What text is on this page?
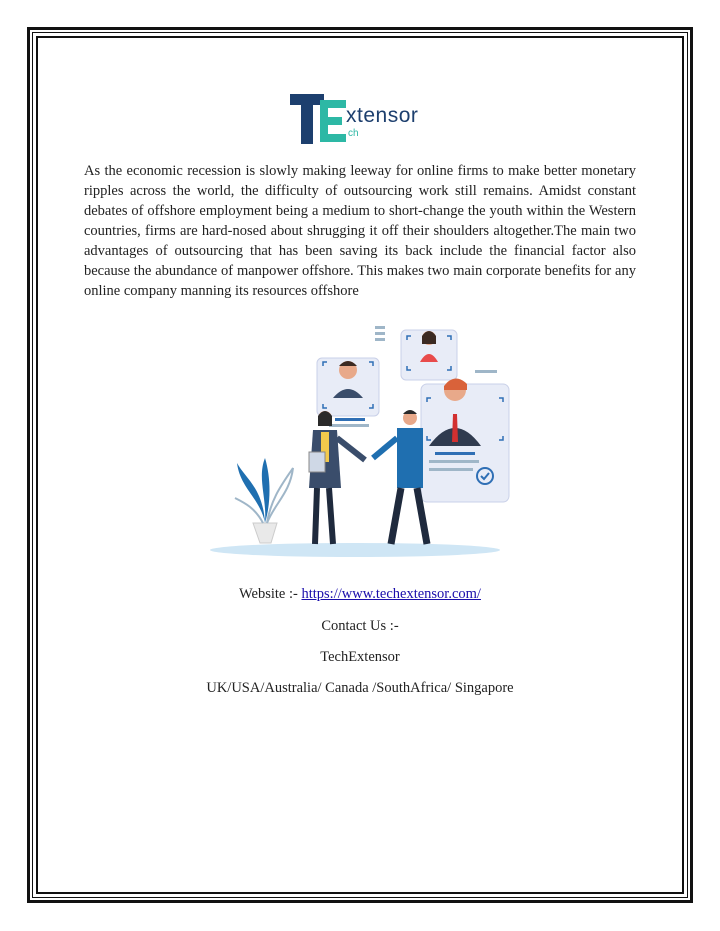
xtensor
ch

As the economic recession is slowly making leeway for online firms to make better monetary ripples across the world, the difficulty of outsourcing work still remains. Amidst constant debates of offshore employment being a medium to short-change the youth within the Western countries, firms are hard-nosed about shrugging it off their shoulders altogether.The main two advantages of outsourcing that has been saving its back include the financial factor also because the abundance of manpower offshore. This makes two main corporate benefits for any online company manning its resources offshore

Website :- https://www.techextensor.com/
Contact Us :-
TechExtensor
UK/USA/Australia/ Canada /SouthAfrica/ Singapore
